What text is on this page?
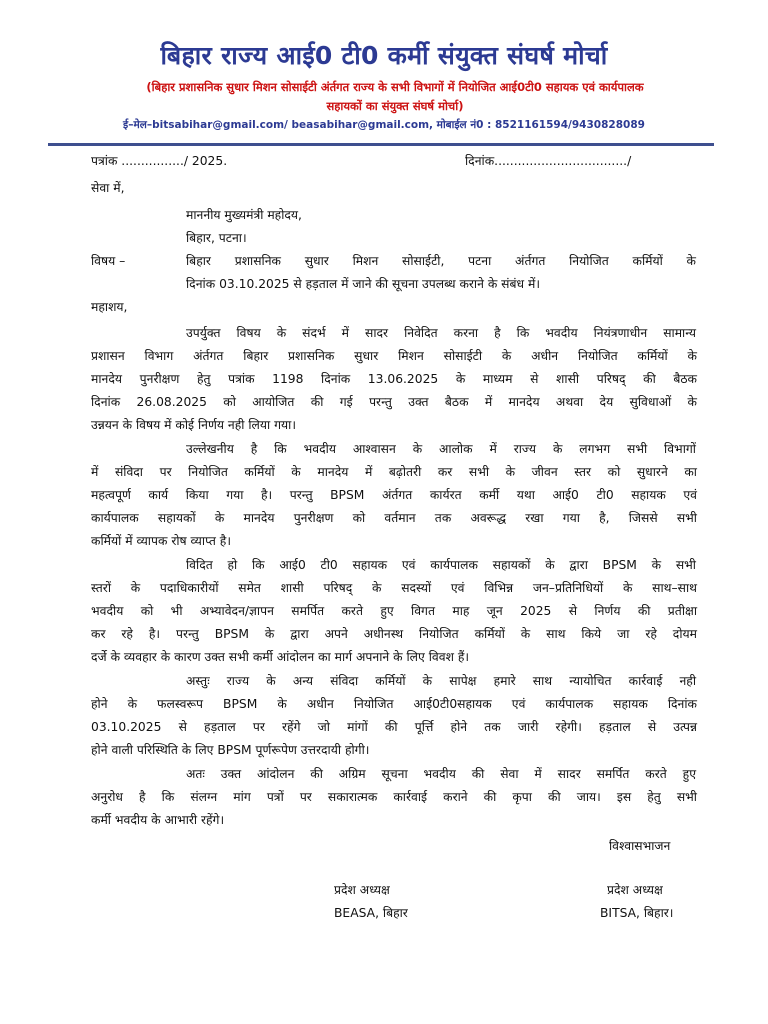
बिहार राज्य आई0 टी0 कर्मी संयुक्त संघर्ष मोर्चा
(बिहार प्रशासनिक सुधार मिशन सोसाईटी अंर्तगत राज्य के सभी विभागों में नियोजित आई0टी0 सहायक एवं कार्यपालक
सहायकों का संयुक्त संघर्ष मोर्चा)
ई–मेल–bitsabihar@gmail.com/ beasabihar@gmail.com, मोबाईल नं0 : 8521161594/9430828089
पत्रांक ................/ 2025.	दिनांक................................../
सेवा में,
माननीय मुख्यमंत्री महोदय,
बिहार, पटना।
विषय –	बिहार प्रशासनिक सुधार मिशन सोसाईटी, पटना अंर्तगत नियोजित कर्मियों के
दिनांक 03.10.2025 से हड़ताल में जाने की सूचना उपलब्ध कराने के संबंध में।
महाशय,
उपर्युक्त विषय के संदर्भ में सादर निवेदित करना है कि भवदीय नियंत्रणाधीन सामान्य
प्रशासन विभाग अंर्तगत बिहार प्रशासनिक सुधार मिशन सोसाईटी के अधीन नियोजित कर्मियों के
मानदेय पुनरीक्षण हेतु पत्रांक 1198 दिनांक 13.06.2025 के माध्यम से शासी परिषद् की बैठक
दिनांक 26.08.2025 को आयोजित की गई परन्तु उक्त बैठक में मानदेय अथवा देय सुविधाओं के
उन्नयन के विषय में कोई निर्णय नही लिया गया।
उल्लेखनीय है कि भवदीय आश्वासन के आलोक में राज्य के लगभग सभी विभागों
में संविदा पर नियोजित कर्मियों के मानदेय में बढ़ोतरी कर सभी के जीवन स्तर को सुधारने का
महत्वपूर्ण कार्य किया गया है। परन्तु BPSM अंर्तगत कार्यरत कर्मी यथा आई0 टी0 सहायक एवं
कार्यपालक सहायकों के मानदेय पुनरीक्षण को वर्तमान तक अवरूद्ध रखा गया है, जिससे सभी
कर्मियों में व्यापक रोष व्याप्त है।
विदित हो कि आई0 टी0 सहायक एवं कार्यपालक सहायकों के द्वारा BPSM के सभी
स्तरों के पदाधिकारीयों समेत शासी परिषद् के सदस्यों एवं विभिन्न जन–प्रतिनिधियों के साथ–साथ
भवदीय को भी अभ्यावेदन/ज्ञापन समर्पित करते हुए विगत माह जून 2025 से निर्णय की प्रतीक्षा
कर रहे है। परन्तु BPSM के द्वारा अपने अधीनस्थ नियोजित कर्मियों के साथ किये जा रहे दोयम
दर्जे के व्यवहार के कारण उक्त सभी कर्मी आंदोलन का मार्ग अपनाने के लिए विवश हैं।
अस्तुः राज्य के अन्य संविदा कर्मियों के सापेक्ष हमारे साथ न्यायोचित कार्रवाई नही
होने के फलस्वरूप BPSM के अधीन नियोजित आई0टी0सहायक एवं कार्यपालक सहायक दिनांक
03.10.2025 से हड़ताल पर रहेंगे जो मांगों की पूर्त्ति होने तक जारी रहेगी। हड़ताल से उत्पन्न
होने वाली परिस्थिति के लिए BPSM पूर्णरूपेण उत्तरदायी होगी।
अतः उक्त आंदोलन की अग्रिम सूचना भवदीय की सेवा में सादर समर्पित करते हुए
अनुरोध है कि संलग्न मांग पत्रों पर सकारात्मक कार्रवाई कराने की कृपा की जाय। इस हेतु सभी
कर्मी भवदीय के आभारी रहेंगे।
विश्वासभाजन
प्रदेश अध्यक्ष
BEASA, बिहार
प्रदेश अध्यक्ष
BITSA, बिहार।
